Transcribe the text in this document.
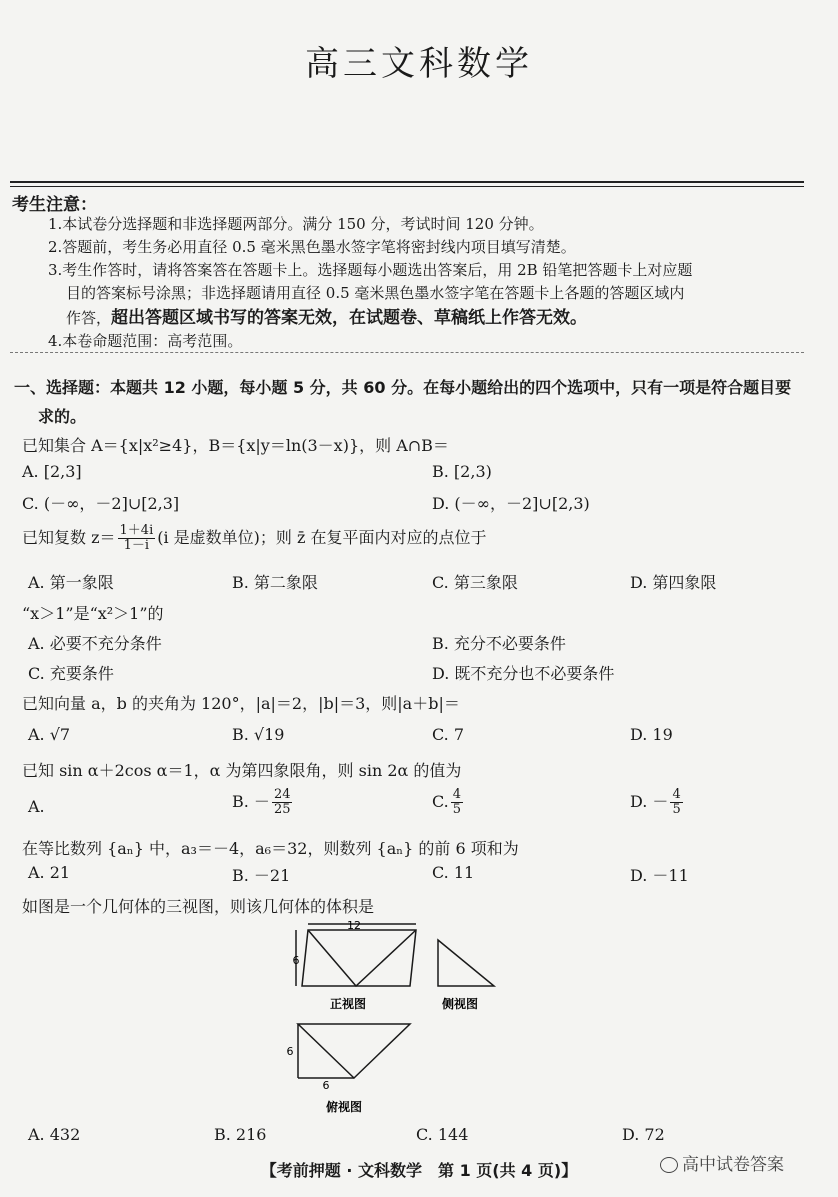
高三文科数学
考生注意：
1.本试卷分选择题和非选择题两部分。满分 150 分，考试时间 120 分钟。
2.答题前，考生务必用直径 0.5 毫米黑色墨水签字笔将密封线内项目填写清楚。
3.考生作答时，请将答案答在答题卡上。选择题每小题选出答案后，用 2B 铅笔把答题卡上对应题
目的答案标号涂黑；非选择题请用直径 0.5 毫米黑色墨水签字笔在答题卡上各题的答题区域内
作答，超出答题区域书写的答案无效，在试题卷、草稿纸上作答无效。
4.本卷命题范围：高考范围。
一、选择题：本题共 12 小题，每小题 5 分，共 60 分。在每小题给出的四个选项中，只有一项是符合题目要
求的。
已知集合 A＝{x|x²≥4}，B＝{x|y＝ln(3－x)}，则 A∩B＝
A. [2,3]	B. [2,3)
C. (－∞，－2]∪[2,3]	D. (－∞，－2]∪[2,3)
已知复数 $z= \frac{1+4i}{1-i} (i$ 是虚数单位)；则 z̄ 在复平面内对应的点位于
A. 第一象限	B. 第二象限	C. 第三象限	D. 第四象限
“x＞1”是“x²＞1”的
A. 必要不充分条件	B. 充分不必要条件
C. 充要条件	D. 既不充分也不必要条件
已知向量 a，b 的夹角为 120°，|a|＝2，|b|＝3，则|a＋b|＝
A. √7	B. √19	C. 7	D. 19
已知 sin α＋2cos α＝1，α 为第四象限角，则 sin 2α 的值为
A.	B. － $\frac{24}{25}$	C. $\frac{4}{5}$	D. － $\frac{4}{5}$
在等比数列 {aₙ} 中，a₃＝－4，a₆＝32，则数列 {aₙ} 的前 6 项和为
A. 21	B. －21	C. 11	D. －11
如图是一个几何体的三视图，则该几何体的体积是
12
6
正视图	侧视图
6
6
俯视图
A. 432	B. 216	C. 144	D. 72
【考前押题 · 文科数学　第 1 页(共 4 页)】	高中试卷答案
